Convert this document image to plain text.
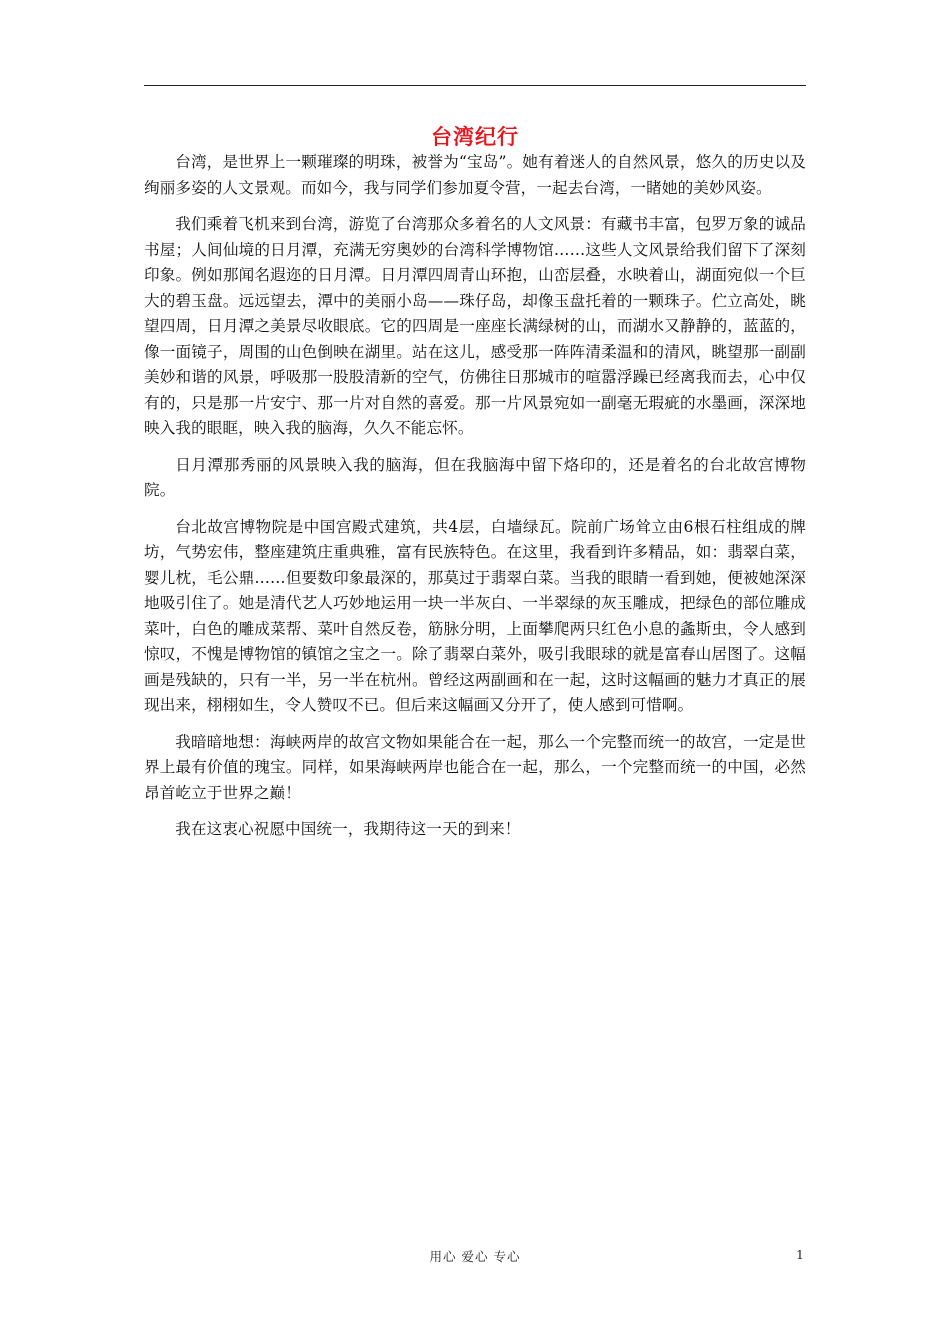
台湾纪行

台湾，是世界上一颗璀璨的明珠，被誉为“宝岛”。她有着迷人的自然风景，悠久的历史以及绚丽多姿的人文景观。而如今，我与同学们参加夏令营，一起去台湾，一睹她的美妙风姿。

我们乘着飞机来到台湾，游览了台湾那众多着名的人文风景：有藏书丰富，包罗万象的诚品书屋；人间仙境的日月潭，充满无穷奥妙的台湾科学博物馆……这些人文风景给我们留下了深刻印象。例如那闻名遐迩的日月潭。日月潭四周青山环抱，山峦层叠，水映着山，湖面宛似一个巨大的碧玉盘。远远望去，潭中的美丽小岛——珠仔岛，却像玉盘托着的一颗珠子。伫立高处，眺望四周，日月潭之美景尽收眼底。它的四周是一座座长满绿树的山，而湖水又静静的，蓝蓝的，像一面镜子，周围的山色倒映在湖里。站在这儿，感受那一阵阵清柔温和的清风，眺望那一副副美妙和谐的风景，呼吸那一股股清新的空气，仿佛往日那城市的喧嚣浮躁已经离我而去，心中仅有的，只是那一片安宁、那一片对自然的喜爱。那一片风景宛如一副毫无瑕疵的水墨画，深深地映入我的眼眶，映入我的脑海，久久不能忘怀。

日月潭那秀丽的风景映入我的脑海，但在我脑海中留下烙印的，还是着名的台北故宫博物院。

台北故宫博物院是中国宫殿式建筑，共4层，白墙绿瓦。院前广场耸立由6根石柱组成的牌坊，气势宏伟，整座建筑庄重典雅，富有民族特色。在这里，我看到许多精品，如：翡翠白菜，婴儿枕，毛公鼎……但要数印象最深的，那莫过于翡翠白菜。当我的眼睛一看到她，便被她深深地吸引住了。她是清代艺人巧妙地运用一块一半灰白、一半翠绿的灰玉雕成，把绿色的部位雕成菜叶，白色的雕成菜帮、菜叶自然反卷，筋脉分明，上面攀爬两只红色小息的螽斯虫，令人感到惊叹，不愧是博物馆的镇馆之宝之一。除了翡翠白菜外，吸引我眼球的就是富春山居图了。这幅画是残缺的，只有一半，另一半在杭州。曾经这两副画和在一起，这时这幅画的魅力才真正的展现出来，栩栩如生，令人赞叹不已。但后来这幅画又分开了，使人感到可惜啊。

我暗暗地想：海峡两岸的故宫文物如果能合在一起，那么一个完整而统一的故宫，一定是世界上最有价值的瑰宝。同样，如果海峡两岸也能合在一起，那么，一个完整而统一的中国，必然昂首屹立于世界之巅！

我在这衷心祝愿中国统一，我期待这一天的到来！

用心 爱心 专心	1
